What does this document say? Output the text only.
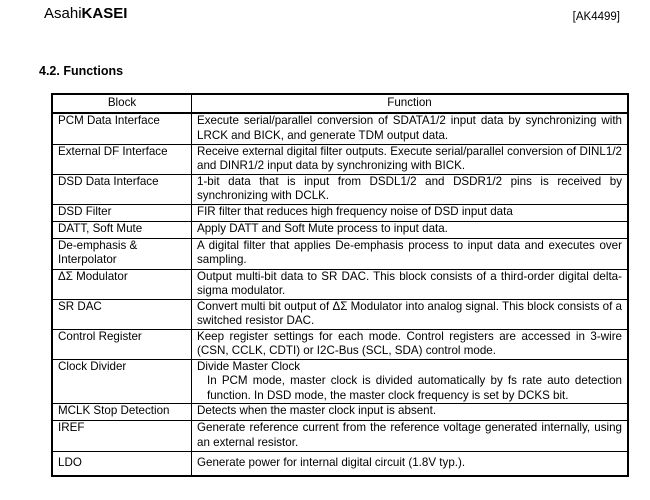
AsahiKASEI	[AK4499]
4.2. Functions
Block	Function
PCM Data Interface	Execute serial/parallel conversion of SDATA1/2 input data by synchronizing with LRCK and BICK, and generate TDM output data.
External DF Interface	Receive external digital filter outputs. Execute serial/parallel conversion of DINL1/2 and DINR1/2 input data by synchronizing with BICK.
DSD Data Interface	1-bit data that is input from DSDL1/2 and DSDR1/2 pins is received by synchronizing with DCLK.
DSD Filter	FIR filter that reduces high frequency noise of DSD input data
DATT, Soft Mute	Apply DATT and Soft Mute process to input data.

De-emphasis &
Interpolator	A digital filter that applies De-emphasis process to input data and executes over sampling.
ΔΣ Modulator	Output multi-bit data to SR DAC. This block consists of a third-order digital delta-sigma modulator.
SR DAC	Convert multi bit output of ΔΣ Modulator into analog signal. This block consists of a switched resistor DAC.
Control Register	Keep register settings for each mode. Control registers are accessed in 3-wire (CSN, CCLK, CDTI) or I2C-Bus (SCL, SDA) control mode.
Clock Divider	Divide Master Clock
In PCM mode, master clock is divided automatically by fs rate auto detection function. In DSD mode, the master clock frequency is set by DCKS bit.

MCLK Stop Detection	Detects when the master clock input is absent.
IREF	Generate reference current from the reference voltage generated internally, using an external resistor.
LDO	Generate power for internal digital circuit (1.8V typ.).
